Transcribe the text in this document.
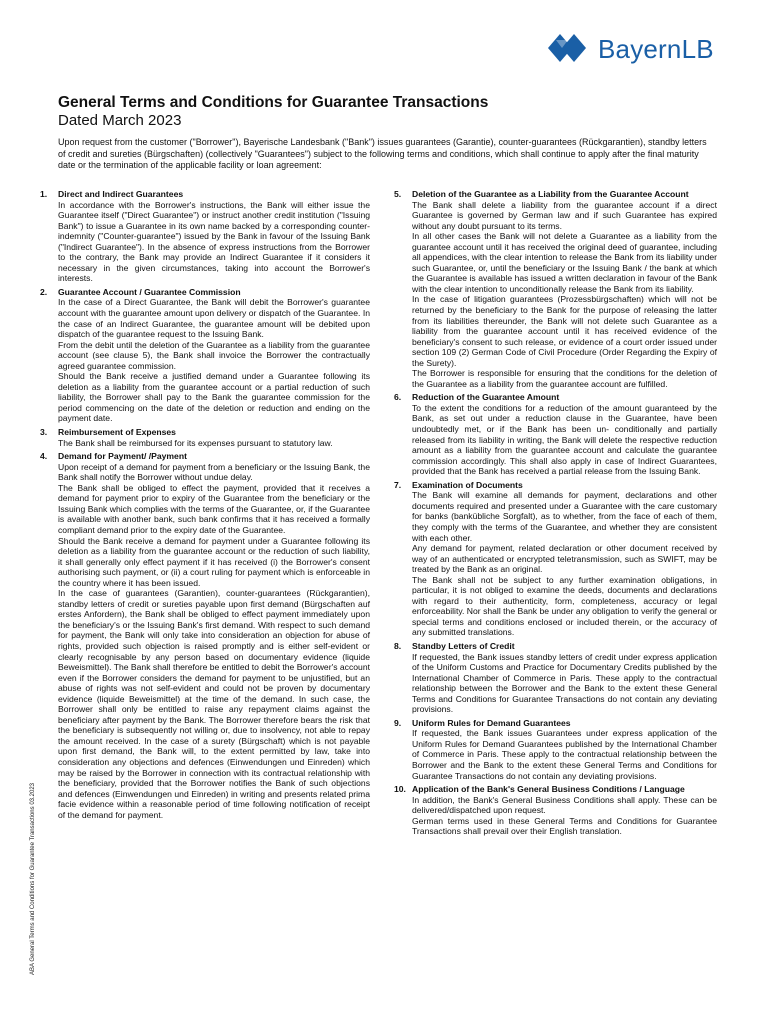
BayernLB
General Terms and Conditions for Guarantee Transactions
Dated March 2023
Upon request from the customer ("Borrower"), Bayerische Landesbank ("Bank") issues guarantees (Garantie), counter-guarantees (Rückgarantien), standby letters of credit and sureties (Bürgschaften) (collectively "Guarantees") subject to the following terms and conditions, which shall continue to apply after the final maturity date or the termination of the applicable facility or loan agreement:
ABA General Terms and Conditions for Guarantee Transactions 03.2023
1. Direct and Indirect Guarantees

In accordance with the Borrower's instructions, the Bank will either issue the Guarantee itself ("Direct Guarantee") or instruct another credit institution ("Issuing Bank") to issue a Guarantee in its own name backed by a corresponding counter-indemnity ("Counter-guarantee") issued by the Bank in favour of the Issuing Bank ("Indirect Guarantee"). In the absence of express instructions from the Borrower to the contrary, the Bank may provide an Indirect Guarantee if it considers it necessary in the given circumstances, taking into account the Borrower's interests.

2. Guarantee Account / Guarantee Commission

In the case of a Direct Guarantee, the Bank will debit the Borrower's guarantee account with the guarantee amount upon delivery or dispatch of the Guarantee. In the case of an Indirect Guarantee, the guarantee amount will be debited upon dispatch of the guarantee request to the Issuing Bank.

From the debit until the deletion of the Guarantee as a liability from the guarantee account (see clause 5), the Bank shall invoice the Borrower the contractually agreed guarantee commission.

Should the Bank receive a justified demand under a Guarantee following its deletion as a liability from the guarantee account or a partial reduction of such liability, the Borrower shall pay to the Bank the guarantee commission for the period commencing on the date of the deletion or reduction and ending on the payment date.

3. Reimbursement of Expenses

The Bank shall be reimbursed for its expenses pursuant to statutory law.

4. Demand for Payment/ /Payment

Upon receipt of a demand for payment from a beneficiary or the Issuing Bank, the Bank shall notify the Borrower without undue delay.

The Bank shall be obliged to effect the payment, provided that it receives a demand for payment prior to expiry of the Guarantee from the beneficiary or the Issuing Bank which complies with the terms of the Guarantee, or, if the Guarantee is available with another bank, such bank confirms that it has received a formally compliant demand prior to the expiry date of the Guarantee.

Should the Bank receive a demand for payment under a Guarantee following its deletion as a liability from the guarantee account or the reduction of such liability, it shall generally only effect payment if it has received (i) the Borrower's consent authorising such payment, or (ii) a court ruling for payment which is enforceable in the country where it has been issued.

In the case of guarantees (Garantien), counter-guarantees (Rückgarantien), standby letters of credit or sureties payable upon first demand (Bürgschaften auf erstes Anfordern), the Bank shall be obliged to effect payment immediately upon the beneficiary's or the Issuing Bank's first demand. With respect to such demand for payment, the Bank will only take into consideration an objection for abuse of rights, provided such objection is raised promptly and is either self-evident or clearly recognisable by any person based on documentary evidence (liquide Beweismittel). The Bank shall therefore be entitled to debit the Borrower's account even if the Borrower considers the demand for payment to be unjustified, but an abuse of rights was not self-evident and could not be proven by documentary evidence (liquide Beweismittel) at the time of the demand. In such case, the Borrower shall only be entitled to raise any repayment claims against the beneficiary after payment by the Bank. The Borrower therefore bears the risk that the beneficiary is subsequently not willing or, due to insolvency, not able to repay the amount received. In the case of a surety (Bürgschaft) which is not payable upon first demand, the Bank will, to the extent permitted by law, take into consideration any objections and defences (Einwendungen und Einreden) which may be raised by the Borrower in connection with its contractual relationship with the beneficiary, provided that the Borrower notifies the Bank of such objections and defences (Einwendungen und Einreden) in writing and presents related prima facie evidence within a reasonable period of time following notification of receipt of the demand for payment.

5. Deletion of the Guarantee as a Liability from the Guarantee Account

The Bank shall delete a liability from the guarantee account if a direct Guarantee is governed by German law and if such Guarantee has expired without any doubt pursuant to its terms.

In all other cases the Bank will not delete a Guarantee as a liability from the guarantee account until it has received the original deed of guarantee, including all appendices, with the clear intention to release the Bank from its liability under such Guarantee, or, until the beneficiary or the Issuing Bank / the bank at which the Guarantee is available has issued a written declaration in favour of the Bank with the clear intention to unconditionally release the Bank from its liability.

In the case of litigation guarantees (Prozessbürgschaften) which will not be returned by the beneficiary to the Bank for the purpose of releasing the latter from its liabilities thereunder, the Bank will not delete such Guarantee as a liability from the guarantee account until it has received evidence of the beneficiary's consent to such release, or evidence of a court order issued under section 109 (2) German Code of Civil Procedure (Order Regarding the Expiry of the Surety).

The Borrower is responsible for ensuring that the conditions for the deletion of the Guarantee as a liability from the guarantee account are fulfilled.

6. Reduction of the Guarantee Amount

To the extent the conditions for a reduction of the amount guaranteed by the Bank, as set out under a reduction clause in the Guarantee, have been undoubtedly met, or if the Bank has been un- conditionally and partially released from its liability in writing, the Bank will delete the respective reduction amount as a liability from the guarantee account and calculate the guarantee commission accordingly. This shall also apply in case of Indirect Guarantees, provided that the Bank has received a partial release from the Issuing Bank.

7. Examination of Documents

The Bank will examine all demands for payment, declarations and other documents required and presented under a Guarantee with the care customary for banks (bankübliche Sorgfalt), as to whether, from the face of each of them, they comply with the terms of the Guarantee, and whether they are consistent with each other.

Any demand for payment, related declaration or other document received by way of an authenticated or encrypted teletransmission, such as SWIFT, may be treated by the Bank as an original.

The Bank shall not be subject to any further examination obligations, in particular, it is not obliged to examine the deeds, documents and declarations with regard to their authenticity, form, completeness, accuracy or legal enforceability. Nor shall the Bank be under any obligation to verify the general or special terms and conditions enclosed or included therein, or the accuracy of any submitted translations.

8. Standby Letters of Credit

If requested, the Bank issues standby letters of credit under express application of the Uniform Customs and Practice for Documentary Credits published by the International Chamber of Commerce in Paris. These apply to the contractual relationship between the Borrower and the Bank to the extent these General Terms and Conditions for Guarantee Transactions do not contain any deviating provisions.

9. Uniform Rules for Demand Guarantees

If requested, the Bank issues Guarantees under express application of the Uniform Rules for Demand Guarantees published by the International Chamber of Commerce in Paris. These apply to the contractual relationship between the Borrower and the Bank to the extent these General Terms and Conditions for Guarantee Transactions do not contain any deviating provisions.

10. Application of the Bank's General Business Conditions / Language

In addition, the Bank's General Business Conditions shall apply. These can be delivered/dispatched upon request.

German terms used in these General Terms and Conditions for Guarantee Transactions shall prevail over their English translation.
